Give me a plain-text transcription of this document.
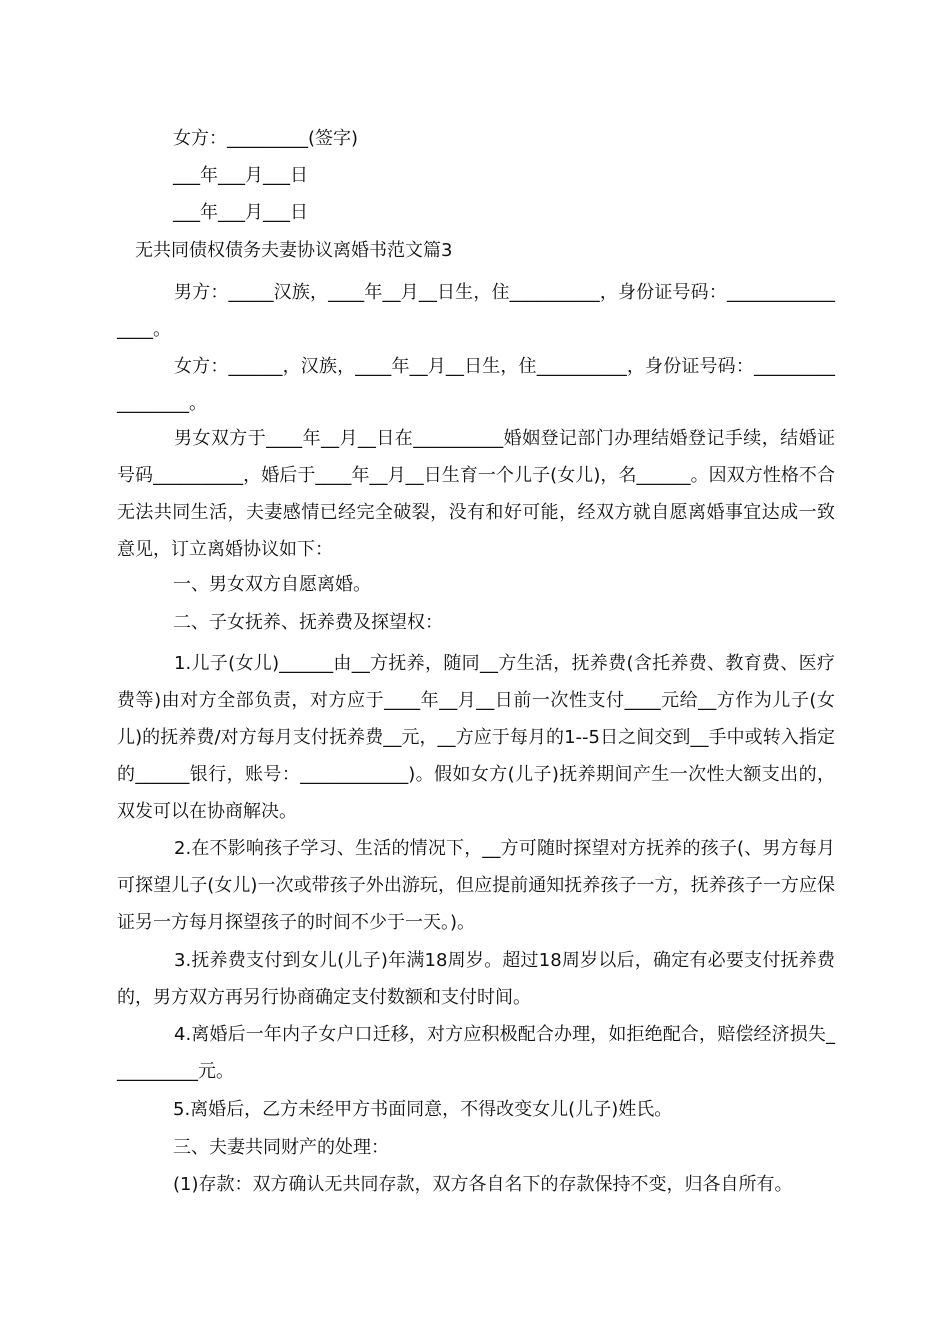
女方：_________(签字)
___年___月___日
___年___月___日
无共同债权债务夫妻协议离婚书范文篇3
男方：_____汉族，____年__月__日生，住__________，身份证号码：________________。
女方：______，汉族，____年__月__日生，住__________，身份证号码：_________________。
男女双方于____年__月__日在__________婚姻登记部门办理结婚登记手续，结婚证号码__________，婚后于____年__月__日生育一个儿子(女儿)，名______。因双方性格不合无法共同生活，夫妻感情已经完全破裂，没有和好可能，经双方就自愿离婚事宜达成一致意见，订立离婚协议如下：
一、男女双方自愿离婚。
二、子女抚养、抚养费及探望权：
1.儿子(女儿)______由__方抚养，随同__方生活，抚养费(含托养费、教育费、医疗费等)由对方全部负责，对方应于____年__月__日前一次性支付____元给__方作为儿子(女儿)的抚养费/对方每月支付抚养费__元，__方应于每月的1--5日之间交到__手中或转入指定的______银行，账号：____________)。假如女方(儿子)抚养期间产生一次性大额支出的，双发可以在协商解决。
2.在不影响孩子学习、生活的情况下，__方可随时探望对方抚养的孩子(、男方每月可探望儿子(女儿)一次或带孩子外出游玩，但应提前通知抚养孩子一方，抚养孩子一方应保证另一方每月探望孩子的时间不少于一天。)。
3.抚养费支付到女儿(儿子)年满18周岁。超过18周岁以后，确定有必要支付抚养费的，男方双方再另行协商确定支付数额和支付时间。
4.离婚后一年内子女户口迁移，对方应积极配合办理，如拒绝配合，赔偿经济损失__________元。
5.离婚后，乙方未经甲方书面同意，不得改变女儿(儿子)姓氏。
三、夫妻共同财产的处理：
(1)存款：双方确认无共同存款，双方各自名下的存款保持不变，归各自所有。
